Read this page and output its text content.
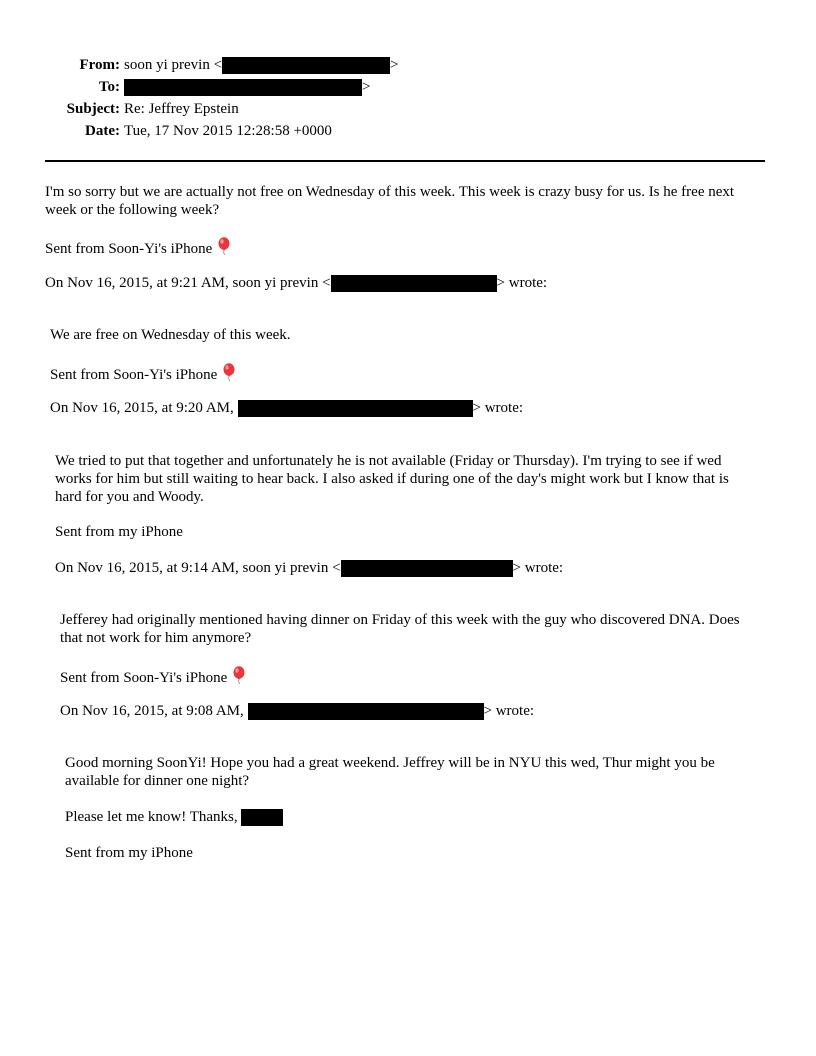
From: soon yi previn <	>
To:	>
Subject: Re: Jeffrey Epstein
Date: Tue, 17 Nov 2015 12:28:58 +0000

I'm so sorry but we are actually not free on Wednesday of this week. This week is crazy busy for us. Is he free next week or the following week?

Sent from Soon-Yi's iPhone
On Nov 16, 2015, at 9:21 AM, soon yi previn <	> wrote:

We are free on Wednesday of this week.

Sent from Soon-Yi's iPhone
On Nov 16, 2015, at 9:20 AM,	> wrote:

We tried to put that together and unfortunately he is not available (Friday or Thursday). I'm trying to see if wed works for him but still waiting to hear back. I also asked if during one of the day's might work but I know that is hard for you and Woody.

Sent from my iPhone
On Nov 16, 2015, at 9:14 AM, soon yi previn <	> wrote:

Jefferey had originally mentioned having dinner on Friday of this week with the guy who discovered DNA. Does that not work for him anymore?

Sent from Soon-Yi's iPhone
On Nov 16, 2015, at 9:08 AM,	> wrote:

Good morning SoonYi! Hope you had a great weekend. Jeffrey will be in NYU this wed, Thur might you be available for dinner one night?

Please let me know! Thanks,
Sent from my iPhone
